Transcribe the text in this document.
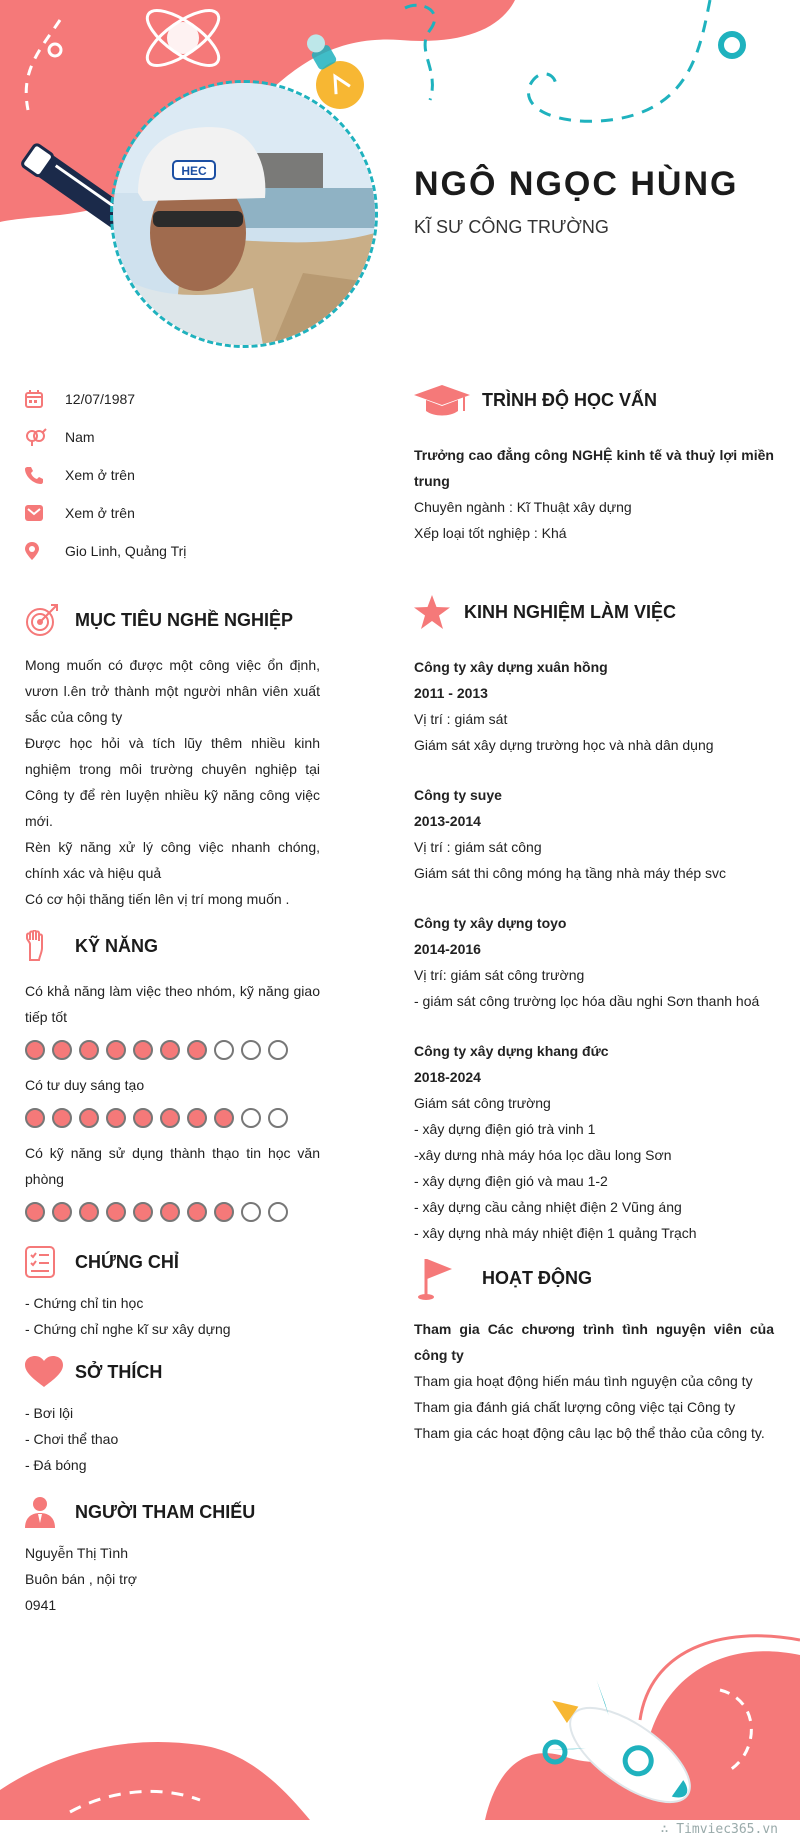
HEC	NGÔ NGỌC HÙNG
KĨ SƯ CÔNG TRƯỜNG
12/07/1987
Nam
Xem ở trên
Xem ở trên
Gio Linh, Quảng Trị
MỤC TIÊU NGHỀ NGHIỆP

Mong muốn có được một công việc ổn định, vươn l.ên trở thành một người nhân viên xuất sắc của công ty

Được học hỏi và tích lũy thêm nhiều kinh nghiệm trong môi trường chuyên nghiệp tại Công ty để rèn luyện nhiều kỹ năng công việc mới.

Rèn kỹ năng xử lý công việc nhanh chóng, chính xác và hiệu quả

Có cơ hội thăng tiến lên vị trí mong muốn .

KỸ NĂNG
Có khả năng làm việc theo nhóm, kỹ năng giao tiếp tốt
Có tư duy sáng tạo
Có kỹ năng sử dụng thành thạo tin học văn phòng
CHỨNG CHỈ
- Chứng chỉ tin học
- Chứng chỉ nghe kĩ sư xây dựng
SỞ THÍCH
- Bơi lội
- Chơi thể thao
- Đá bóng
NGƯỜI THAM CHIẾU
Nguyễn Thị Tình
Buôn bán , nội trợ
0941
TRÌNH ĐỘ HỌC VẤN
Trưởng cao đẳng công NGHỆ kinh tế và thuỷ lợi miền trung
Chuyên ngành : Kĩ Thuật xây dựng
Xếp loại tốt nghiệp : Khá
KINH NGHIỆM LÀM VIỆC
Công ty xây dựng xuân hồng
2011 - 2013
Vị trí : giám sát
Giám sát xây dựng trường học và nhà dân dụng
Công ty suye
2013-2014
Vị trí : giám sát công
Giám sát thi công móng hạ tầng nhà máy thép svc
Công ty xây dựng toyo
2014-2016
Vị trí: giám sát công trường
- giám sát công trường lọc hóa dầu nghi Sơn thanh hoá
Công ty xây dựng khang đức
2018-2024
Giám sát công trường
- xây dựng điện gió trà vinh 1
-xây dưng nhà máy hóa lọc dầu long Sơn
- xây dựng điện gió và mau 1-2
- xây dựng cầu cảng nhiệt điện 2 Vũng áng
- xây dựng nhà máy nhiệt điện 1 quảng Trạch
HOẠT ĐỘNG
Tham gia Các chương trình tình nguyện viên của công ty
Tham gia hoạt động hiến máu tình nguyện của công ty
Tham gia đánh giá chất lượng công việc tại Công ty
Tham gia các hoạt động câu lạc bộ thể thảo của công ty.
∴ Timviec365.vn
